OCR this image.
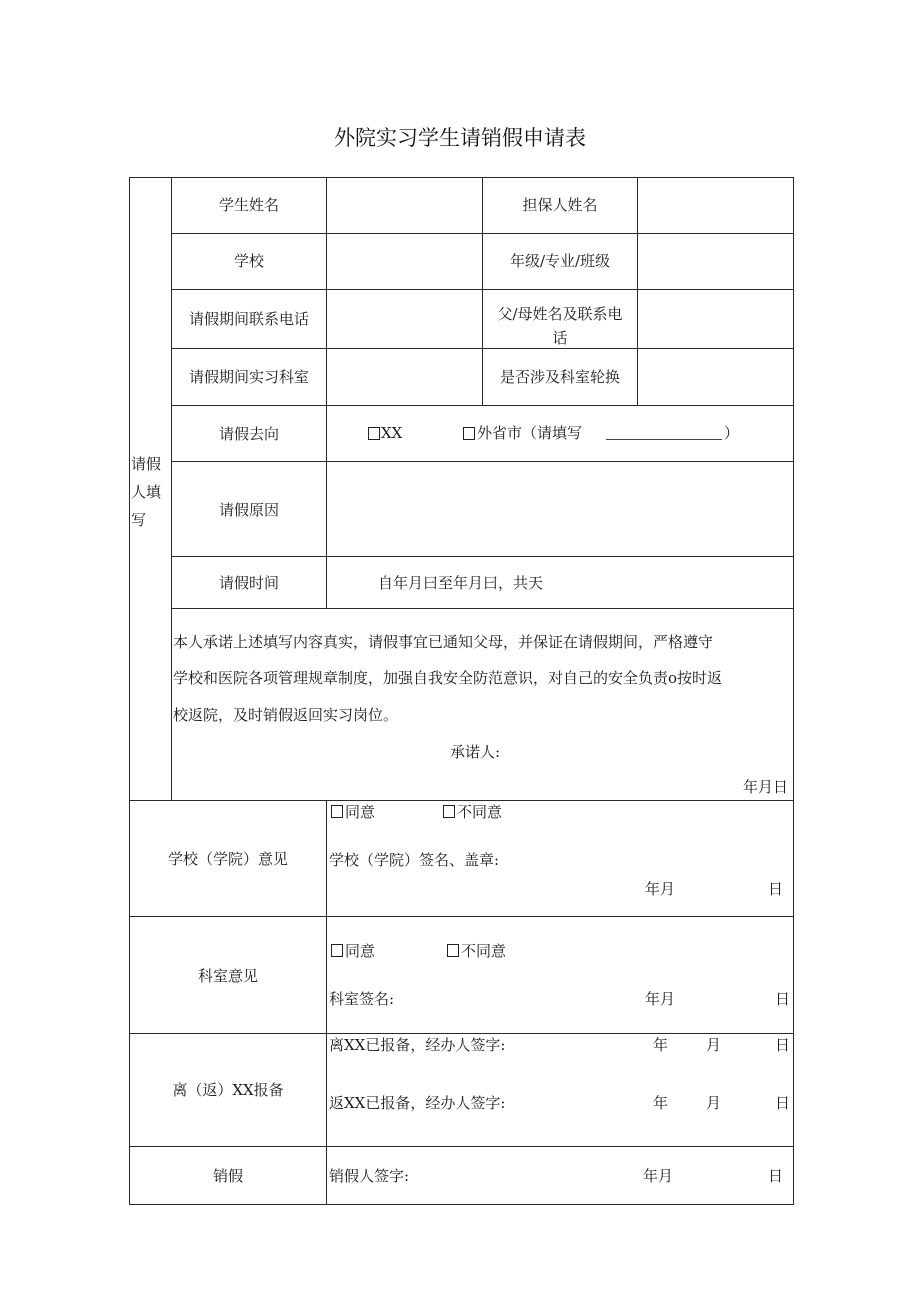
外院实习学生请销假申请表
请假
人填
写
学生姓名	担保人姓名
学校	年级/专业/班级
请假期间联系电话	父/母姓名及联系电
话
请假期间实习科室	是否涉及科室轮换
请假去向	XX	外省市（请填写	）
请假原因
请假时间	自年月曰至年月曰，共天
本人承诺上述填写内容真实，请假事宜已通知父母，并保证在请假期间，严格遵守
学校和医院各项管理规章制度，加强自我安全防范意识，对自己的安全负责o按时返
校返院，及时销假返回实习岗位。
承诺人:
年月日
学校（学院）意见
同意	不同意
学校（学院）签名、盖章:
年月	日
科室意见
同意	不同意
科室签名:	年月	日
离（返）XX报备
离XX已报备，经办人签字:	年	月	日
返XX已报备，经办人签字:	年	月	日
销假	销假人签字:	年月	日
